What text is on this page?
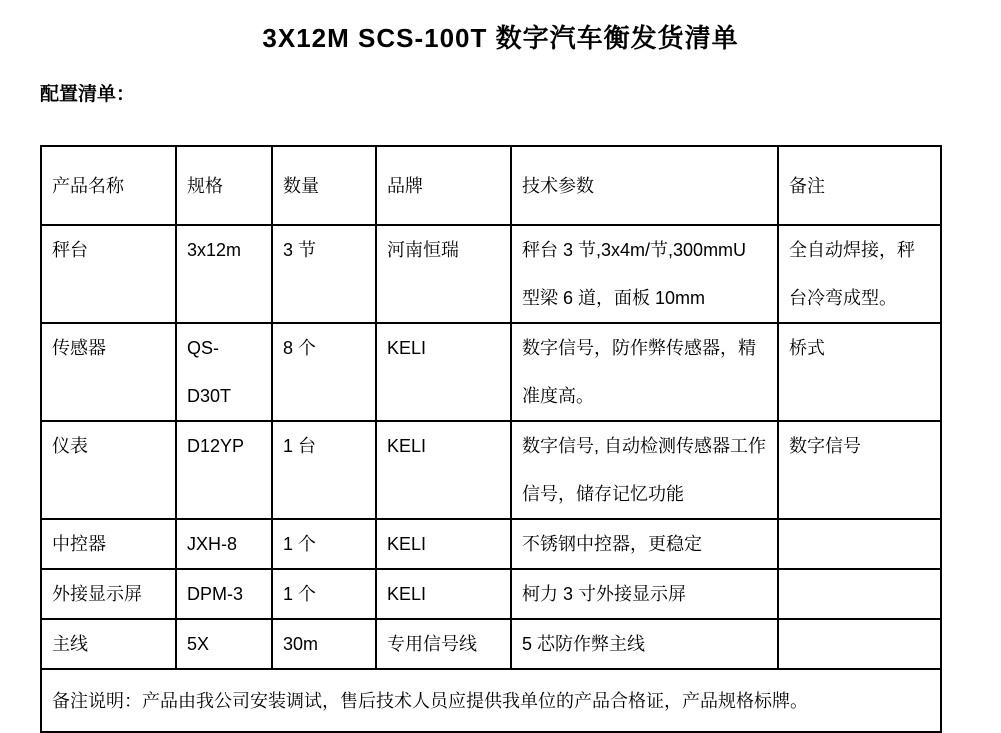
3X12M SCS-100T 数字汽车衡发货清单
配置清单：
产品名称	规格	数量	品牌	技术参数	备注
秤台	3x12m	3 节	河南恒瑞	秤台 3 节,3x4m/节,300mmU 型梁 6 道，面板 10mm	全自动焊接，秤台冷弯成型。
传感器	QS-D30T	8 个	KELI	数字信号，防作弊传感器，精准度高。	桥式
仪表	D12YP	1 台	KELI	数字信号, 自动检测传感器工作信号，储存记忆功能	数字信号
中控器	JXH-8	1 个	KELI	不锈钢中控器，更稳定	
外接显示屏	DPM-3	1 个	KELI	柯力 3 寸外接显示屏	
主线	5X	30m	专用信号线	5 芯防作弊主线	
备注说明：产品由我公司安装调试，售后技术人员应提供我单位的产品合格证，产品规格标牌。					
